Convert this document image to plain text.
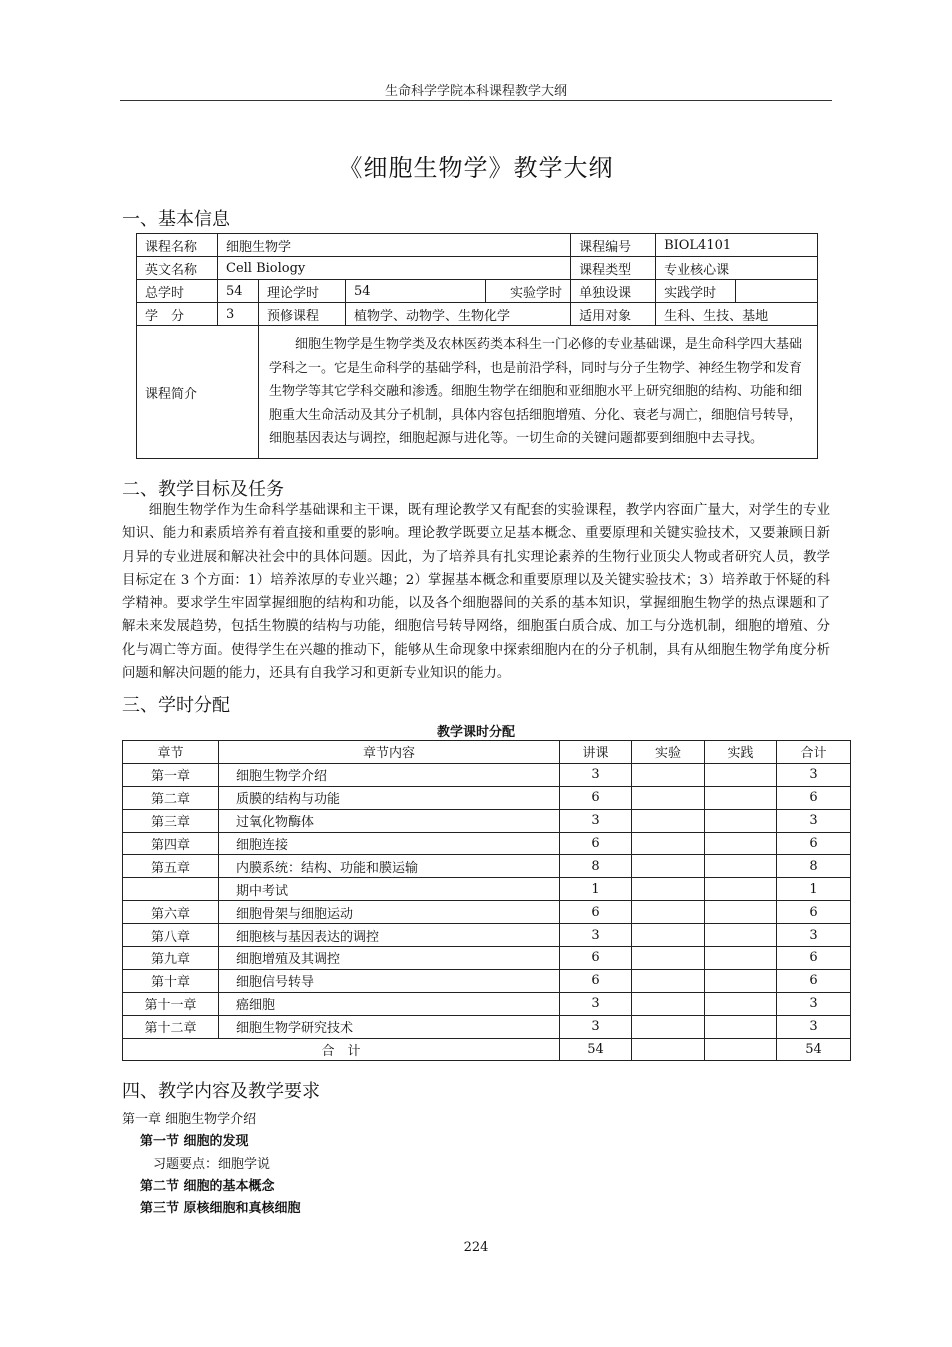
生命科学学院本科课程教学大纲
《细胞生物学》教学大纲
一、基本信息
课程名称	细胞生物学				课程编号	BIOL4101	
英文名称	Cell Biology				课程类型	专业核心课	
总学时	54	理论学时	54	实验学时	单独设课	实践学时	
学　分	3	预修课程	植物学、动物学、生物化学		适用对象	生科、生技、基地	
课程简介		细胞生物学是生物学类及农林医药类本科生一门必修的专业基础课，是生命科学四大基础学科之一。它是生命科学的基础学科，也是前沿学科，同时与分子生物学、神经生物学和发育生物学等其它学科交融和渗透。细胞生物学在细胞和亚细胞水平上研究细胞的结构、功能和细胞重大生命活动及其分子机制，具体内容包括细胞增殖、分化、衰老与凋亡，细胞信号转导，细胞基因表达与调控，细胞起源与进化等。一切生命的关键问题都要到细胞中去寻找。					
二、教学目标及任务

细胞生物学作为生命科学基础课和主干课，既有理论教学又有配套的实验课程，教学内容面广量大，对学生的专业知识、能力和素质培养有着直接和重要的影响。理论教学既要立足基本概念、重要原理和关键实验技术，又要兼顾日新月异的专业进展和解决社会中的具体问题。因此，为了培养具有扎实理论素养的生物行业顶尖人物或者研究人员，教学目标定在 3 个方面：1）培养浓厚的专业兴趣；2）掌握基本概念和重要原理以及关键实验技术；3）培养敢于怀疑的科学精神。要求学生牢固掌握细胞的结构和功能，以及各个细胞器间的关系的基本知识，掌握细胞生物学的热点课题和了解未来发展趋势，包括生物膜的结构与功能，细胞信号转导网络，细胞蛋白质合成、加工与分选机制，细胞的增殖、分化与凋亡等方面。使得学生在兴趣的推动下，能够从生命现象中探索细胞内在的分子机制，具有从细胞生物学角度分析问题和解决问题的能力，还具有自我学习和更新专业知识的能力。

三、学时分配
教学课时分配
章节	章节内容	讲课	实验	实践	合计
第一章	细胞生物学介绍	3			3
第二章	质膜的结构与功能	6			6
第三章	过氧化物酶体	3			3
第四章	细胞连接	6			6
第五章	内膜系统：结构、功能和膜运输	8			8
	期中考试	1			1
第六章	细胞骨架与细胞运动	6			6
第八章	细胞核与基因表达的调控	3			3
第九章	细胞增殖及其调控	6			6
第十章	细胞信号转导	6			6
第十一章	癌细胞	3			3
第十二章	细胞生物学研究技术	3			3
合　计		54			54
四、教学内容及教学要求
第一章 细胞生物学介绍
第一节 细胞的发现
习题要点：细胞学说
第二节 细胞的基本概念
第三节 原核细胞和真核细胞
224
